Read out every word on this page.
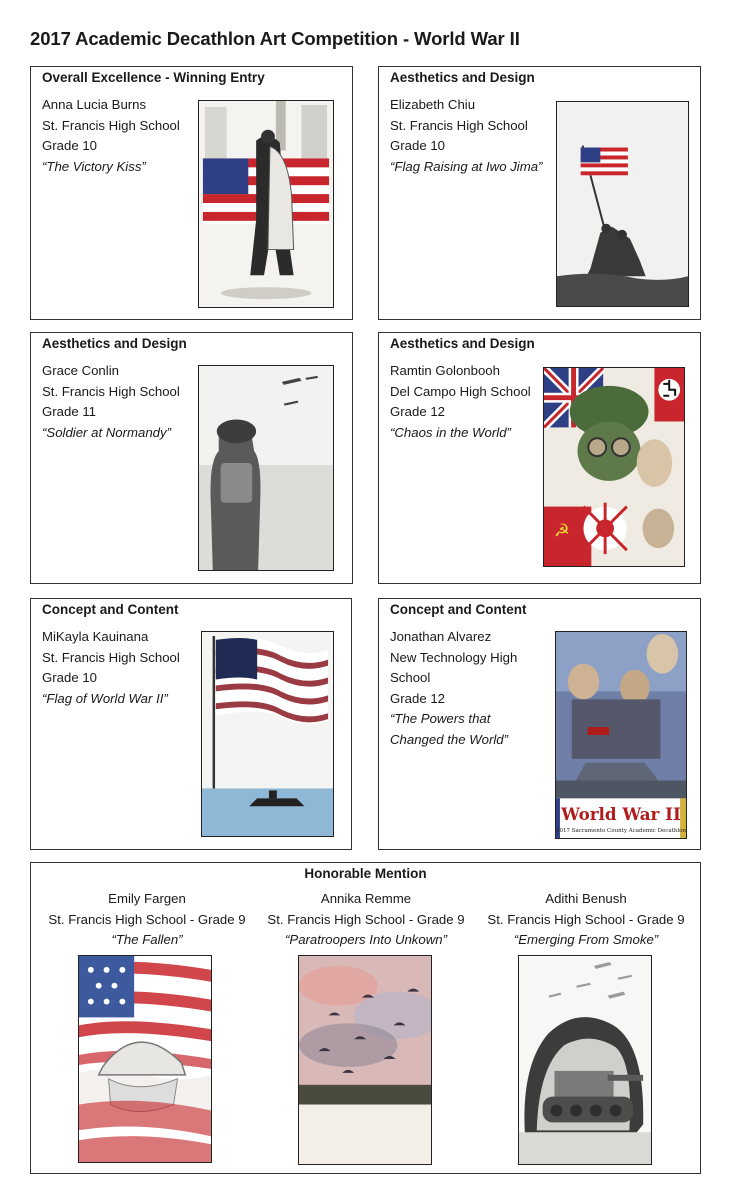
2017 Academic Decathlon Art Competition - World War II
Overall Excellence - Winning Entry
Anna Lucia Burns
St. Francis High School
Grade 10
“The Victory Kiss”
Aesthetics and Design
Elizabeth Chiu
St. Francis High School
Grade 10
“Flag Raising at Iwo Jima”
Aesthetics and Design
Grace Conlin
St. Francis High School
Grade 11
“Soldier at Normandy”
Aesthetics and Design
Ramtin Golonbooh
Del Campo High School
Grade 12
“Chaos in the World”
☭
Concept and Content
MiKayla Kauinana
St. Francis High School
Grade 10
“Flag of World War II”
Concept and Content
Jonathan Alvarez
New Technology High School
Grade 12
“The Powers that Changed the World”
World War II
2017 Sacramento County Academic Decathlon
Honorable Mention
Emily Fargen
St. Francis High School - Grade 9
“The Fallen”
Annika Remme
St. Francis High School - Grade 9
“Paratroopers Into Unkown”
Adithi Benush
St. Francis High School - Grade 9
“Emerging From Smoke”
